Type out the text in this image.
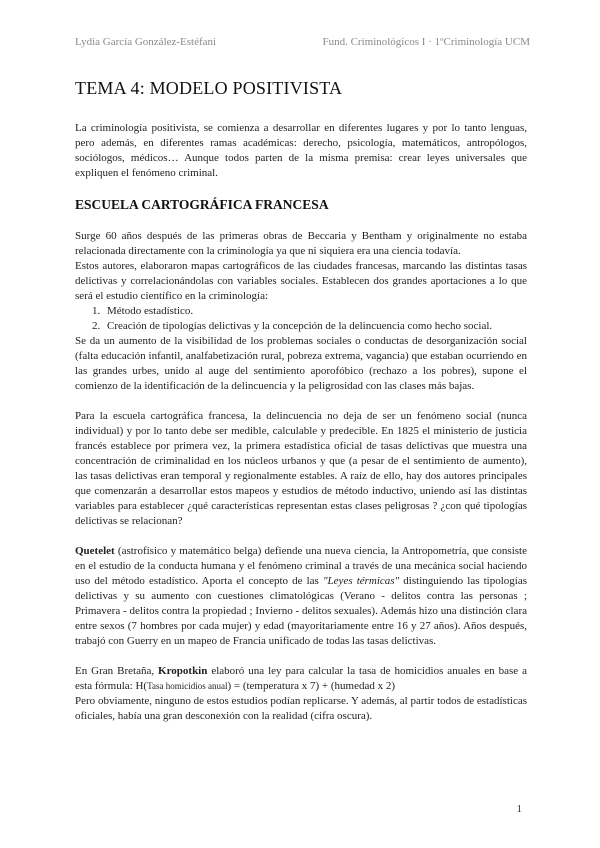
Lydia García González-Estéfani	Fund. Criminológicos I · 1ºCriminología UCM
TEMA 4: MODELO POSITIVISTA

La criminología positivista, se comienza a desarrollar en diferentes lugares y por lo tanto lenguas, pero además, en diferentes ramas académicas: derecho, psicología, matemáticos, antropólogos, sociólogos, médicos… Aunque todos parten de la misma premisa: crear leyes universales que expliquen el fenómeno criminal.

ESCUELA CARTOGRÁFICA FRANCESA

Surge 60 años después de las primeras obras de Beccaria y Bentham y originalmente no estaba relacionada directamente con la criminología ya que ni siquiera era una ciencia todavía.

Estos autores, elaboraron mapas cartográficos de las ciudades francesas, marcando las distintas tasas delictivas y correlacionándolas con variables sociales. Establecen dos grandes aportaciones a lo que será el estudio científico en la criminología:

1. Método estadístico.
2. Creación de tipologías delictivas y la concepción de la delincuencia como hecho social.

Se da un aumento de la visibilidad de los problemas sociales o conductas de desorganización social (falta educación infantil, analfabetización rural, pobreza extrema, vagancia) que estaban ocurriendo en las grandes urbes, unido al auge del sentimiento aporofóbico (rechazo a los pobres), supone el comienzo de la identificación de la delincuencia y la peligrosidad con las clases más bajas.

Para la escuela cartográfica francesa, la delincuencia no deja de ser un fenómeno social (nunca individual) y por lo tanto debe ser medible, calculable y predecible. En 1825 el ministerio de justicia francés establece por primera vez, la primera estadística oficial de tasas delictivas que muestra una concentración de criminalidad en los núcleos urbanos y que (a pesar de el sentimiento de aumento), las tasas delictivas eran temporal y regionalmente estables. A raíz de ello, hay dos autores principales que comenzarán a desarrollar estos mapeos y estudios de método inductivo, uniendo así las distintas variables para establecer ¿qué características representan estas clases peligrosas ? ¿con qué tipologías delictivas se relacionan?

Quetelet (astrofísico y matemático belga) defiende una nueva ciencia, la Antropometría, que consiste en el estudio de la conducta humana y el fenómeno criminal a través de una mecánica social haciendo uso del método estadístico. Aporta el concepto de las "Leyes térmicas" distinguiendo las tipologías delictivas y su aumento con cuestiones climatológicas (Verano - delitos contra las personas ; Primavera - delitos contra la propiedad ; Invierno - delitos sexuales). Además hizo una distinción clara entre sexos (7 hombres por cada mujer) y edad (mayoritariamente entre 16 y 27 años). Años después, trabajó con Guerry en un mapeo de Francia unificado de todas las tasas delictivas.

En Gran Bretaña, Kropotkin elaboró una ley para calcular la tasa de homicidios anuales en base a esta fórmula: H(Tasa homicidios anual) = (temperatura x 7) + (humedad x 2)

Pero obviamente, ninguno de estos estudios podían replicarse. Y además, al partir todos de estadísticas oficiales, había una gran desconexión con la realidad (cifra oscura).

1
